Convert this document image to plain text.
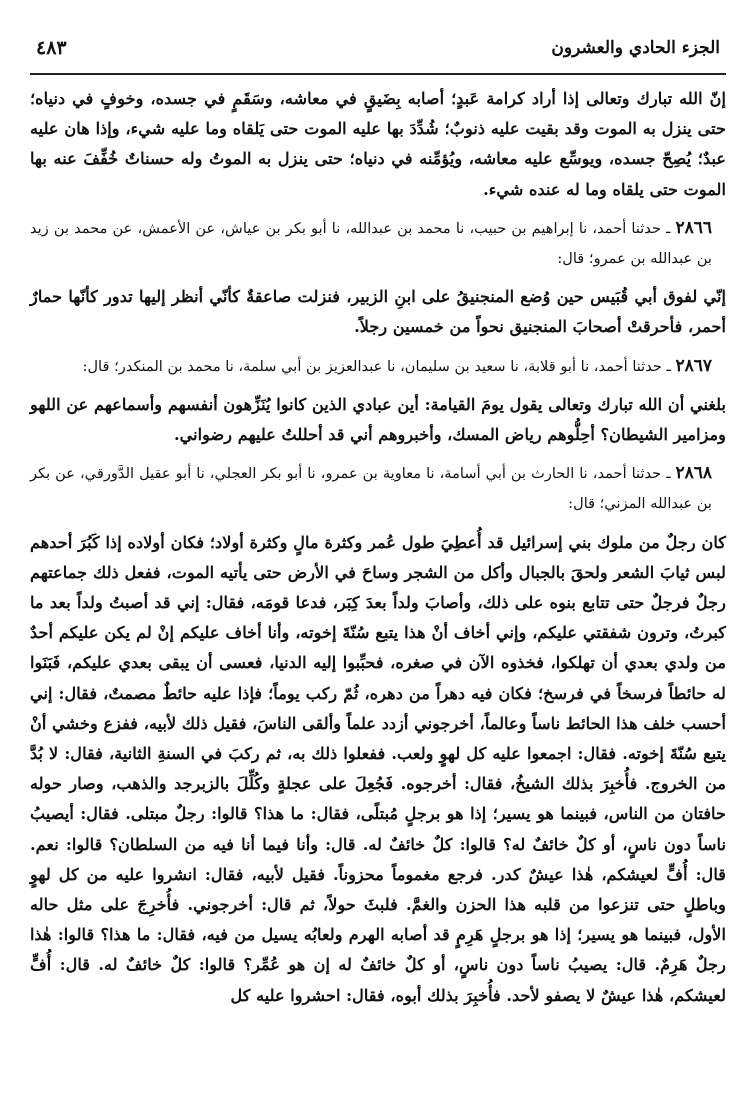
الجزء الحادي والعشرون
٤٨٣

إنّ الله تبارك وتعالى إذا أراد كرامة عَبدٍ؛ أصابه بِضَيقٍ في معاشه، وسَقَمٍ في جسده، وخوفٍ في دنياه؛ حتى ينزل به الموت وقد بقيت عليه ذنوبٌ؛ شُدِّدَ بها عليه الموت حتى يَلقاه وما عليه شيء، وإذا هان عليه عبدٌ؛ يُصِحّ جسده، ويوسِّع عليه معاشه، ويُؤمِّنه في دنياه؛ حتى ينزل به الموتُ وله حسناتٌ خُفِّفَ عنه بها الموت حتى يلقاه وما له عنده شيء.

٢٨٦٦ ـ حدثنا أحمد، نا إبراهيم بن حبيب، نا محمد بن عبدالله، نا أبو بكر بن عياش، عن الأعمش، عن محمد بن زيد بن عبدالله بن عمرو؛ قال:

إنّي لفوق أبي قُبَيس حين وُضع المنجنيقُ على ابنِ الزبير، فنزلت صاعقةٌ كأنّي أنظر إليها تدور كأنّها حمارٌ أحمر، فأحرقتْ أصحابَ المنجنيق نحواً من خمسين رجلاً.

٢٨٦٧ ـ حدثنا أحمد، نا أبو قلابة، نا سعيد بن سليمان، نا عبدالعزيز بن أبي سلمة، نا محمد بن المنكدر؛ قال:

بلغني أن الله تبارك وتعالى يقول يومَ القيامة: أين عبادي الذين كانوا يُنَزِّهون أنفسهم وأسماعهم عن اللهو ومزامير الشيطان؟ أحِلُّوهم رياض المسك، وأخبروهم أني قد أحللتُ عليهم رضواني.

٢٨٦٨ ـ حدثنا أحمد، نا الحارث بن أبي أسامة، نا معاوية بن عمرو، نا أبو بكر العجلي، نا أبو عقيل الدَّورقي، عن بكر بن عبدالله المزني؛ قال:

كان رجلٌ من ملوك بني إسرائيل قد أُعطِيَ طول عُمر وكثرة مالٍ وكثرة أولاد؛ فكان أولاده إذا كَبُرَ أحدهم لبس ثيابَ الشعر ولحقَ بالجبال وأكل من الشجر وساحَ في الأرض حتى يأتيه الموت، ففعل ذلك جماعتهم رجلٌ فرجلٌ حتى تتابع بنوه على ذلك، وأصابَ ولداً بعدَ كِبَر، فدعا قومَه، فقال: إني قد أصبتُ ولداً بعد ما كبرتُ، وترون شفقتي عليكم، وإني أخاف أنْ هذا يتبع سُنّةَ إخوته، وأنا أخاف عليكم إنْ لم يكن عليكم أحدٌ من ولدي بعدي أن تهلكوا، فخذوه الآن في صغره، فحبِّبوا إليه الدنيا، فعسى أن يبقى بعدي عليكم، فَبَنَوا له حائطاً فرسخاً في فرسخ؛ فكان فيه دهراً من دهره، ثُمّ ركب يوماً؛ فإذا عليه حائطٌ مصمتٌ، فقال: إني أحسب خلف هذا الحائط ناساً وعالماً، أخرجوني أزدد علماً وألقى الناسَ، فقيل ذلك لأبيه، ففزع وخشي أنْ يتبع سُنّةَ إخوته. فقال: اجمعوا عليه كل لهوٍ ولعب. ففعلوا ذلك به، ثم ركبَ في السنةِ الثانية، فقال: لا بُدَّ من الخروج. فأُخبِرَ بذلك الشيخُ، فقال: أخرجوه. فَجُعِلَ على عجلةٍ وكُلِّلَ بالزبرجد والذهب، وصار حوله حافتان من الناس، فبينما هو يسير؛ إذا هو برجلٍ مُبتلًى، فقال: ما هذا؟ قالوا: رجلٌ مبتلى. فقال: أيصيبُ ناساً دون ناسٍ، أو كلٌ خائفٌ له؟ قالوا: كلٌ خائفٌ له. قال: وأنا فيما أنا فيه من السلطان؟ قالوا: نعم. قال: أُفٍّ لعيشكم، هٰذا عيشٌ كدر. فرجع مغموماً محزوناً. فقيل لأبيه، فقال: انشروا عليه من كل لهوٍ وباطلٍ حتى تنزعوا من قلبه هذا الحزن والغمَّ. فلبثَ حولاً، ثم قال: أخرجوني. فأُخرِجَ على مثل حاله الأول، فبينما هو يسير؛ إذا هو برجلٍ هَرِمٍ قد أصابه الهرم ولعابُه يسيل من فيه، فقال: ما هذا؟ قالوا: هٰذا رجلٌ هَرِمٌ. قال: يصيبُ ناساً دون ناسٍ، أو كلٌ خائفٌ له إن هو عُمِّر؟ قالوا: كلٌ خائفٌ له. قال: أُفٍّ لعيشكم، هٰذا عيشٌ لا يصفو لأحد. فأُخبِرَ بذلك أبوه، فقال: احشروا عليه كل
